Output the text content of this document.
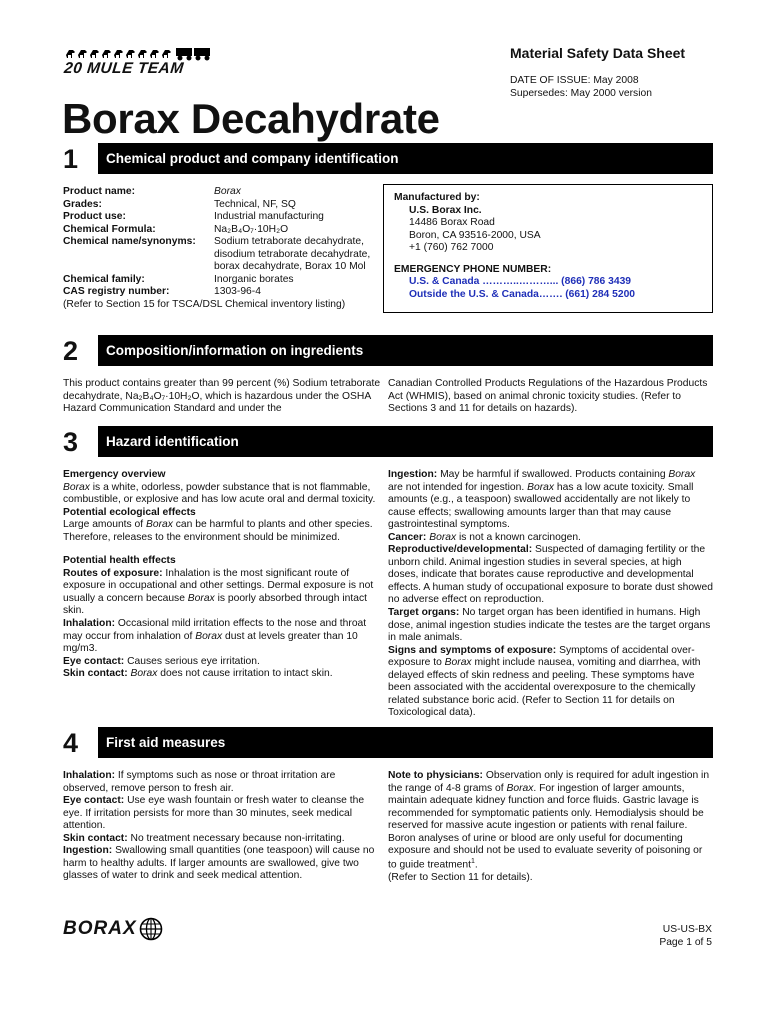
20 MULE TEAM
Material Safety Data Sheet
DATE OF ISSUE: May 2008
Supersedes: May 2000 version
Borax Decahydrate
1	Chemical product and company identification
Product name:	Borax
Grades:	Technical, NF, SQ
Product use:	Industrial manufacturing
Chemical Formula:	Na₂B₄O₇·10H₂O
Chemical name/synonyms:	Sodium tetraborate decahydrate, disodium tetraborate decahydrate, borax decahydrate, Borax 10 Mol
Chemical family:	Inorganic borates
CAS registry number:	1303-96-4
(Refer to Section 15 for TSCA/DSL Chemical inventory listing)
Manufactured by:
U.S. Borax Inc.
14486 Borax Road
Boron, CA 93516-2000, USA
+1 (760) 762 7000
EMERGENCY PHONE NUMBER:
U.S. & Canada ………..………... (866) 786 3439
Outside the U.S. & Canada……. (661) 284 5200
2	Composition/information on ingredients
This product contains greater than 99 percent (%) Sodium tetraborate decahydrate, Na₂B₄O₇·10H₂O, which is hazardous under the OSHA Hazard Communication Standard and under the
Canadian Controlled Products Regulations of the Hazardous Products Act (WHMIS), based on animal chronic toxicity studies. (Refer to Sections 3 and 11 for details on hazards).
3	Hazard identification

Emergency overview

Borax is a white, odorless, powder substance that is not flammable, combustible, or explosive and has low acute oral and dermal toxicity.

Potential ecological effects

Large amounts of Borax can be harmful to plants and other species. Therefore, releases to the environment should be minimized.

Potential health effects

Routes of exposure: Inhalation is the most significant route of exposure in occupational and other settings. Dermal exposure is not usually a concern because Borax is poorly absorbed through intact skin.

Inhalation: Occasional mild irritation effects to the nose and throat may occur from inhalation of Borax dust at levels greater than 10 mg/m3.

Eye contact: Causes serious eye irritation.

Skin contact: Borax does not cause irritation to intact skin.

Ingestion: May be harmful if swallowed. Products containing Borax are not intended for ingestion. Borax has a low acute toxicity. Small amounts (e.g., a teaspoon) swallowed accidentally are not likely to cause effects; swallowing amounts larger than that may cause gastrointestinal symptoms.

Cancer: Borax is not a known carcinogen.

Reproductive/developmental: Suspected of damaging fertility or the unborn child. Animal ingestion studies in several species, at high doses, indicate that borates cause reproductive and developmental effects. A human study of occupational exposure to borate dust showed no adverse effect on reproduction.

Target organs: No target organ has been identified in humans. High dose, animal ingestion studies indicate the testes are the target organs in male animals.

Signs and symptoms of exposure: Symptoms of accidental over-exposure to Borax might include nausea, vomiting and diarrhea, with delayed effects of skin redness and peeling. These symptoms have been associated with the accidental overexposure to the chemically related substance boric acid. (Refer to Section 11 for details on Toxicological data).

4	First aid measures

Inhalation: If symptoms such as nose or throat irritation are observed, remove person to fresh air.

Eye contact: Use eye wash fountain or fresh water to cleanse the eye. If irritation persists for more than 30 minutes, seek medical attention.

Skin contact: No treatment necessary because non-irritating.

Ingestion: Swallowing small quantities (one teaspoon) will cause no harm to healthy adults. If larger amounts are swallowed, give two glasses of water to drink and seek medical attention.

Note to physicians: Observation only is required for adult ingestion in the range of 4-8 grams of Borax. For ingestion of larger amounts, maintain adequate kidney function and force fluids. Gastric lavage is recommended for symptomatic patients only. Hemodialysis should be reserved for massive acute ingestion or patients with renal failure. Boron analyses of urine or blood are only useful for documenting exposure and should not be used to evaluate severity of poisoning or to guide treatment$^1$.

(Refer to Section 11 for details).

BORAX	US-US-BX
Page 1 of 5
